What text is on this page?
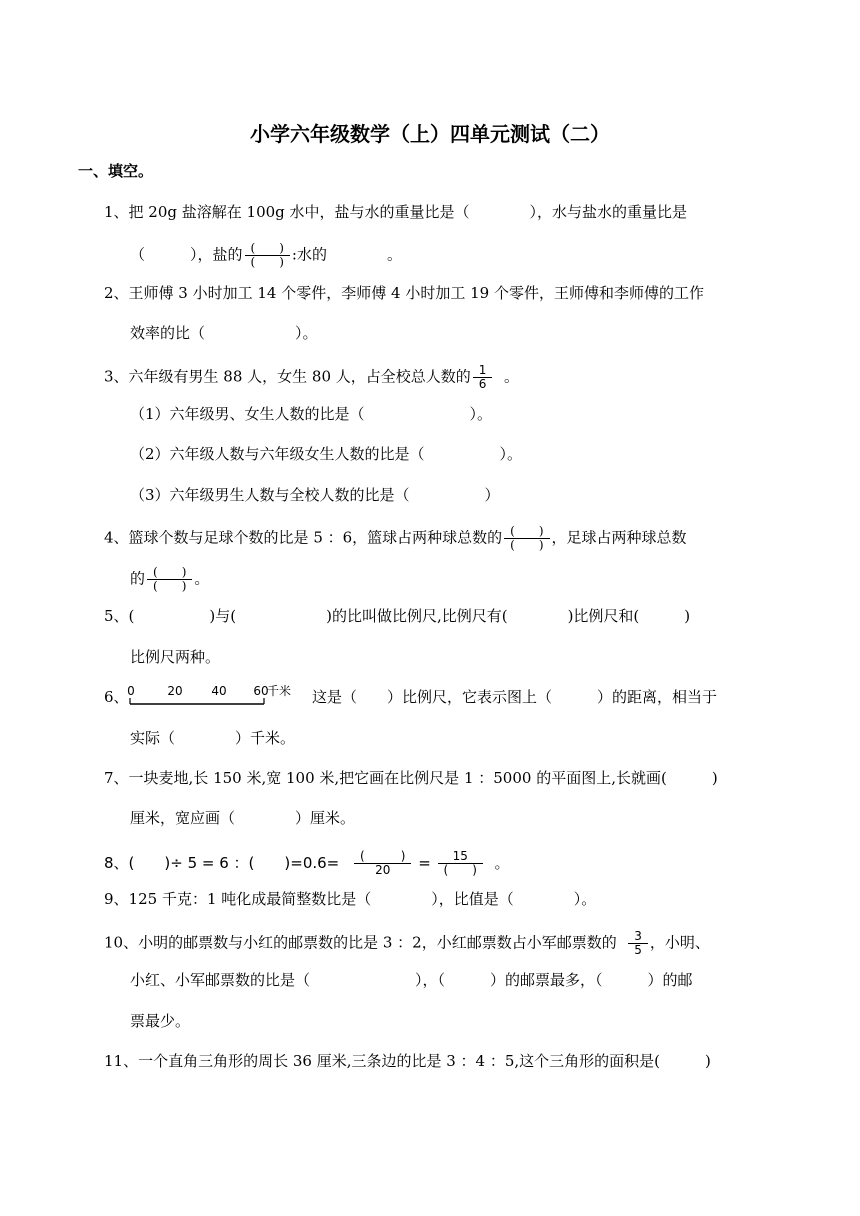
小学六年级数学（上）四单元测试（二）
一、填空。
1、把 20g 盐溶解在 100g 水中，盐与水的重量比是（　　　　），水与盐水的重量比是
（　　　），盐的 $\frac{( )}{( )}$ :水的　　　　。
2、王师傅 3 小时加工 14 个零件，李师傅 4 小时加工 19 个零件，王师傅和李师傅的工作
效率的比（　　　　　　）。
3、六年级有男生 88 人，女生 80 人，占全校总人数的 $\frac{1}{6}$ 。
（1）六年级男、女生人数的比是（　　　　　　　）。
（2）六年级人数与六年级女生人数的比是（　　　　　）。
（3）六年级男生人数与全校人数的比是（　　　　　）
4、篮球个数与足球个数的比是 5 ：6，篮球占两种球总数的 $\frac{( )}{( )}$ ，足球占两种球总数
的 $\frac{( )}{( )}$ 。
5、(　　　　　)与(　　　　　　)的比叫做比例尺,比例尺有(　　　　)比例尺和(　　　)
比例尺两种。
6、
0	20 40 60
千米 这是（　　）比例尺，它表示图上（　　　）的距离，相当于
实际（　　　　）千米。
7、一块麦地,长 150 米,宽 100 米,把它画在比例尺是 1 ：5000 的平面图上,长就画(　　　)
厘米，宽应画（　　　　）厘米。
8、(　　)÷ 5 = 6 ：(　　)$=0.6= \frac{( )}{20} = \frac{15}{( )}$ 。
9、125 千克：1 吨化成最简整数比是（　　　　），比值是（　　　　）。
10、小明的邮票数与小红的邮票数的比是 3 ：2，小红邮票数占小军邮票数的 $\frac{3}{5}$ ，小明、
小红、小军邮票数的比是（　　　　　　　），（　　　）的邮票最多，（　　　）的邮
票最少。
11、一个直角三角形的周长 36 厘米,三条边的比是 3 ：4 ：5,这个三角形的面积是(　　　)
